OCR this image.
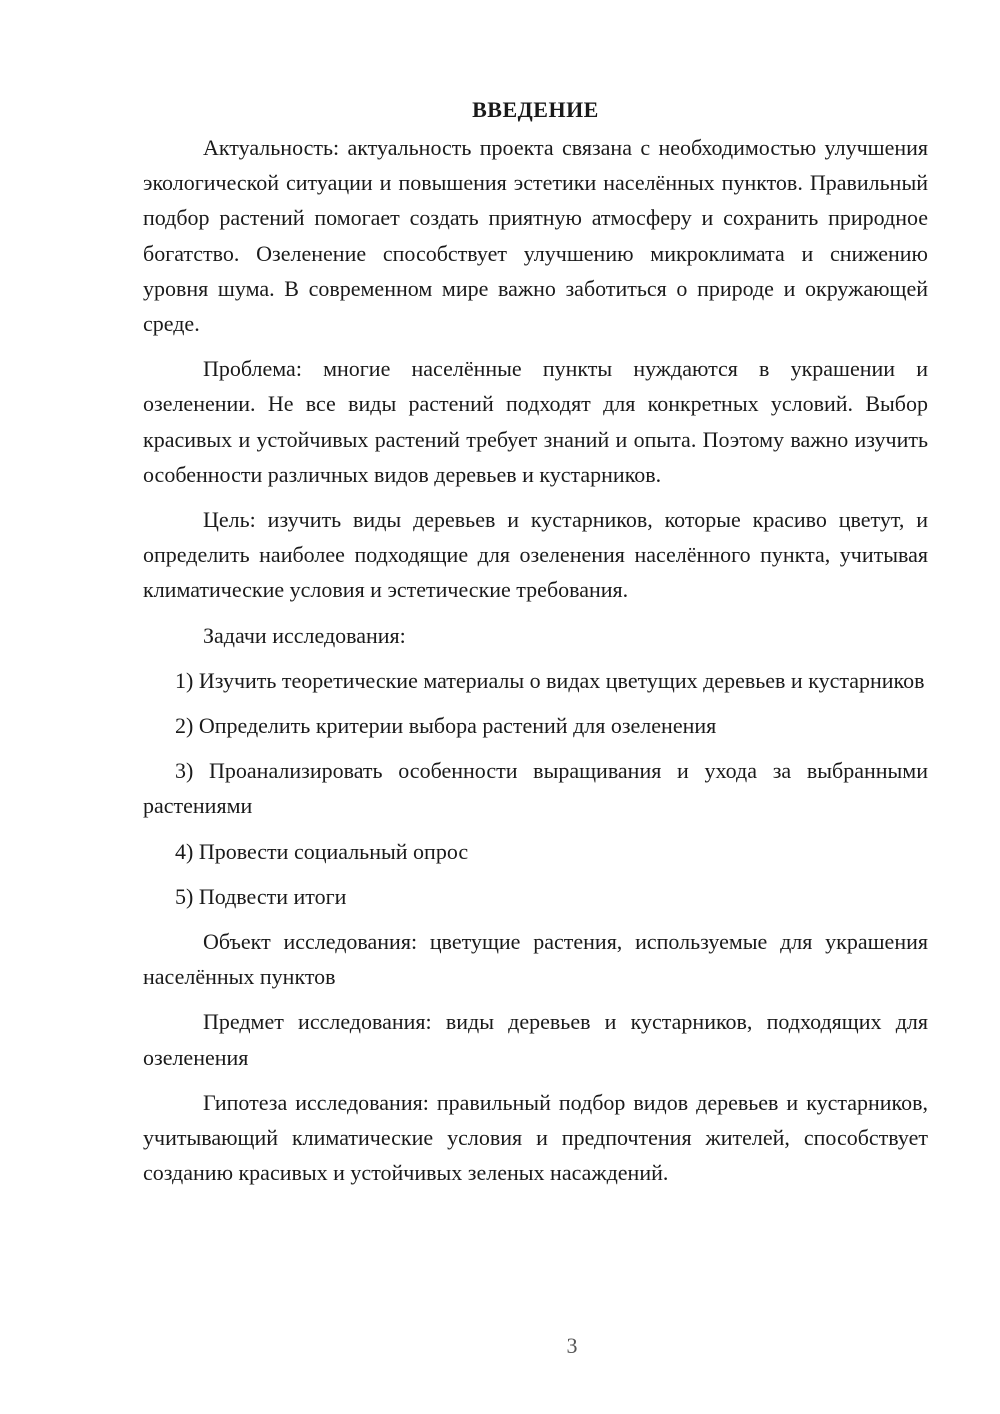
ВВЕДЕНИЕ

Актуальность: актуальность проекта связана с необходимостью улучшения экологической ситуации и повышения эстетики населённых пунктов. Правильный подбор растений помогает создать приятную атмосферу и сохранить природное богатство. Озеленение способствует улучшению микроклимата и снижению уровня шума. В современном мире важно заботиться о природе и окружающей среде.

Проблема: многие населённые пункты нуждаются в украшении и озеленении. Не все виды растений подходят для конкретных условий. Выбор красивых и устойчивых растений требует знаний и опыта. Поэтому важно изучить особенности различных видов деревьев и кустарников.

Цель: изучить виды деревьев и кустарников, которые красиво цветут, и определить наиболее подходящие для озеленения населённого пункта, учитывая климатические условия и эстетические требования.

Задачи исследования:

1) Изучить теоретические материалы о видах цветущих деревьев и кустарников

2) Определить критерии выбора растений для озеленения

3) Проанализировать особенности выращивания и ухода за выбранными растениями

4) Провести социальный опрос

5) Подвести итоги

Объект исследования: цветущие растения, используемые для украшения населённых пунктов

Предмет исследования: виды деревьев и кустарников, подходящих для озеленения

Гипотеза исследования: правильный подбор видов деревьев и кустарников, учитывающий климатические условия и предпочтения жителей, способствует созданию красивых и устойчивых зеленых насаждений.

3
